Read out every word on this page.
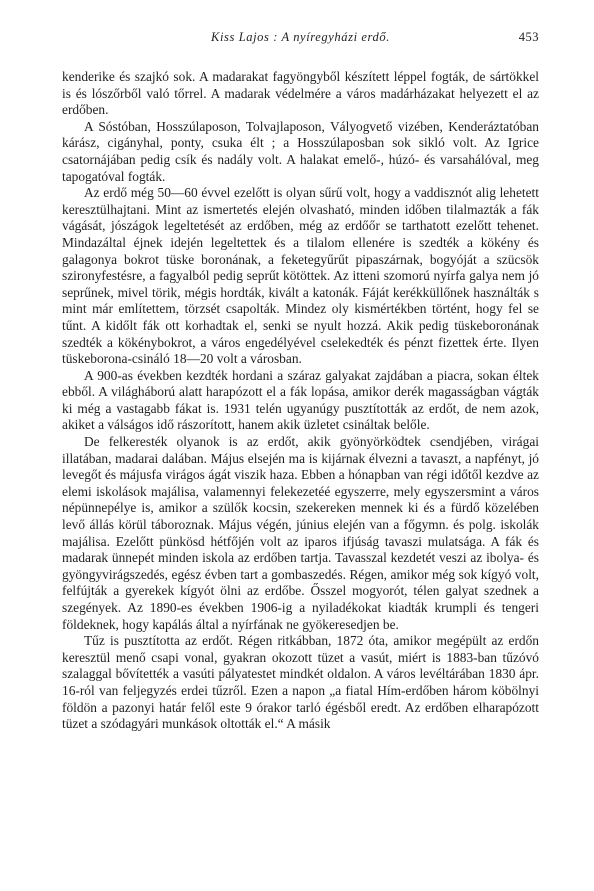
Kiss Lajos : A nyíregyházi erdő.	453

kenderike és szajkó sok. A madarakat fagyöngyből készített léppel fogták, de sártökkel is és lószőrből való tőrrel. A madarak védelmére a város madárházakat helyezett el az erdőben.

A Sóstóban, Hosszúlaposon, Tolvajlaposon, Vályogvető vizében, Kenderáztatóban kárász, cigányhal, ponty, csuka élt ; a Hosszúlaposban sok sikló volt. Az Igrice csatornájában pedig csík és nadály volt. A halakat emelő-, húzó- és varsahálóval, meg tapogatóval fogták.

Az erdő még 50—60 évvel ezelőtt is olyan sűrű volt, hogy a vaddisznót alig lehetett keresztülhajtani. Mint az ismertetés elején olvasható, minden időben tilalmazták a fák vágását, jószágok legeltetését az erdőben, még az erdőőr se tarthatott ezelőtt tehenet. Mindazáltal éjnek idején legeltettek és a tilalom ellenére is szedték a kökény és galagonya bokrot tüske boronának, a feketegyűrűt pipaszárnak, bogyóját a szücsök szironyfestésre, a fagyalból pedig seprűt kötöttek. Az itteni szomorú nyírfa galya nem jó seprűnek, mivel törik, mégis hordták, kivált a katonák. Fáját kerékküllőnek használták s mint már említettem, törzsét csapolták. Mindez oly kismértékben történt, hogy fel se tűnt. A kidőlt fák ott korhadtak el, senki se nyult hozzá. Akik pedig tüskeboronának szedték a kökénybokrot, a város engedélyével cselekedték és pénzt fizettek érte. Ilyen tüskeborona-csináló 18—20 volt a városban.

A 900-as években kezdték hordani a száraz galyakat zajdában a piacra, sokan éltek ebből. A világháború alatt harapózott el a fák lopása, amikor derék magasságban vágták ki még a vastagabb fákat is. 1931 telén ugyanúgy pusztították az erdőt, de nem azok, akiket a válságos idő rászorított, hanem akik üzletet csináltak belőle.

De felkeresték olyanok is az erdőt, akik gyönyörködtek csendjében, virágai illatában, madarai dalában. Május elsején ma is kijárnak élvezni a tavaszt, a napfényt, jó levegőt és májusfa virágos ágát viszik haza. Ebben a hónapban van régi időtől kezdve az elemi iskolások majálisa, valamennyi felekezetéé egyszerre, mely egyszersmint a város népünnepélye is, amikor a szülők kocsin, szekereken mennek ki és a fürdő közelében levő állás körül táboroznak. Május végén, június elején van a főgymn. és polg. iskolák majálisa. Ezelőtt pünkösd hétfőjén volt az iparos ifjúság tavaszi mulatsága. A fák és madarak ünnepét minden iskola az erdőben tartja. Tavasszal kezdetét veszi az ibolya- és gyöngyvirágszedés, egész évben tart a gombaszedés. Régen, amikor még sok kígyó volt, felfújták a gyerekek kígyót ölni az erdőbe. Ősszel mogyorót, télen galyat szednek a szegények. Az 1890-es években 1906-ig a nyiladékokat kiadták krumpli és tengeri földeknek, hogy kapálás által a nyírfának ne gyökeresedjen be.

Tűz is pusztította az erdőt. Régen ritkábban, 1872 óta, amikor megépült az erdőn keresztül menő csapi vonal, gyakran okozott tüzet a vasút, miért is 1883-ban tűzóvó szalaggal bővítették a vasúti pályatestet mindkét oldalon. A város levéltárában 1830 ápr. 16-ról van feljegyzés erdei tűzről. Ezen a napon „a fiatal Hím-erdőben három köbölnyi földön a pazonyi határ felől este 9 órakor tarló égésből eredt. Az erdőben elharapózott tüzet a szódagyári munkások oltották el.“ A másik
